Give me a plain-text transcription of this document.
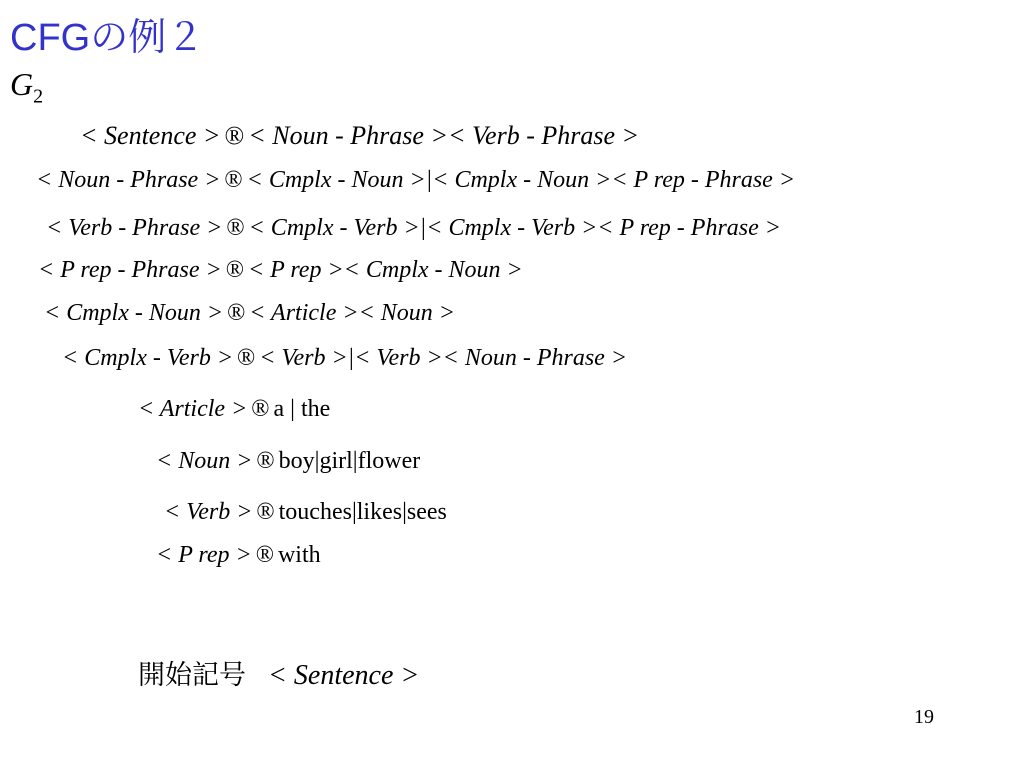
CFGの例２
$G_2$
< Sentence > ® < Noun - Phrase >< Verb - Phrase >
< Noun - Phrase > ® < Cmplx - Noun >|< Cmplx - Noun >< P rep - Phrase >
< Verb - Phrase > ® < Cmplx - Verb >|< Cmplx - Verb >< P rep - Phrase >
< P rep - Phrase > ® < P rep >< Cmplx - Noun >
< Cmplx - Noun > ® < Article >< Noun >
< Cmplx - Verb > ® < Verb >|< Verb >< Noun - Phrase >
< Article > ® a | the
< Noun > ® boy|girl|flower
< Verb > ® touches|likes|sees
< P rep > ® with
開始記号 < Sentence >
19
